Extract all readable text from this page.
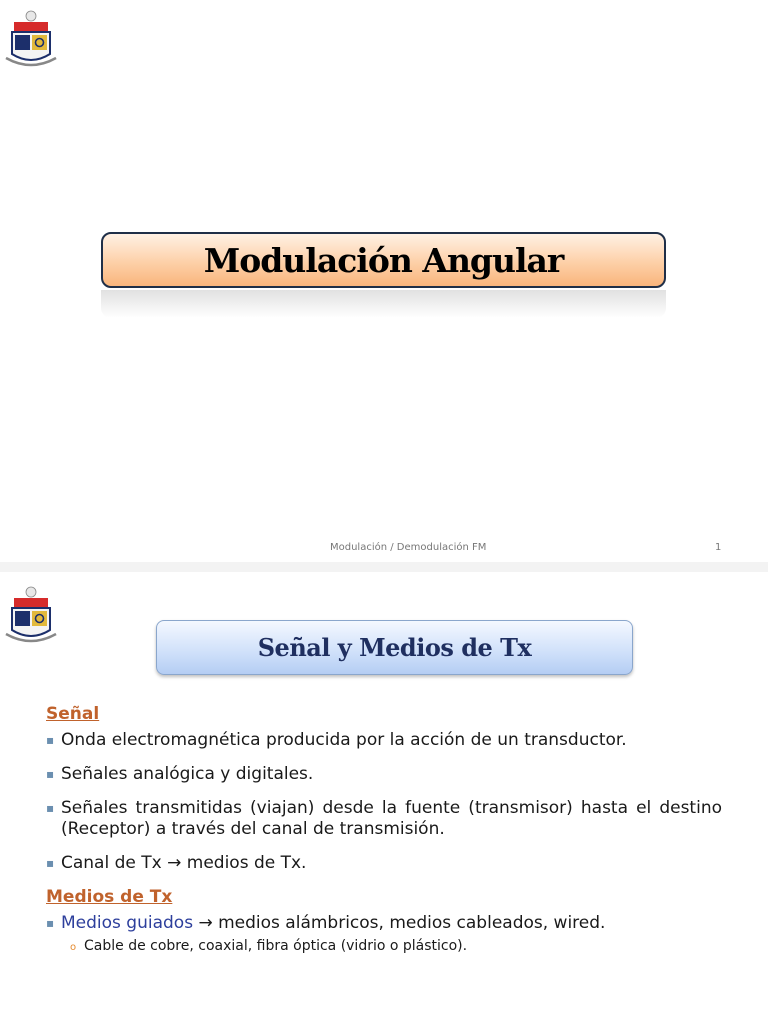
Modulación Angular
Modulación / Demodulación FM	1
Señal y Medios de Tx
Señal
▪ Onda electromagnética producida por la acción de un transductor.
▪ Señales analógica y digitales.
▪ Señales transmitidas (viajan) desde la fuente (transmisor) hasta el destino (Receptor) a través del canal de transmisión.
▪ Canal de Tx → medios de Tx.
Medios de Tx
▪ Medios guiados → medios alámbricos, medios cableados, wired.
o Cable de cobre, coaxial, fibra óptica (vidrio o plástico).
